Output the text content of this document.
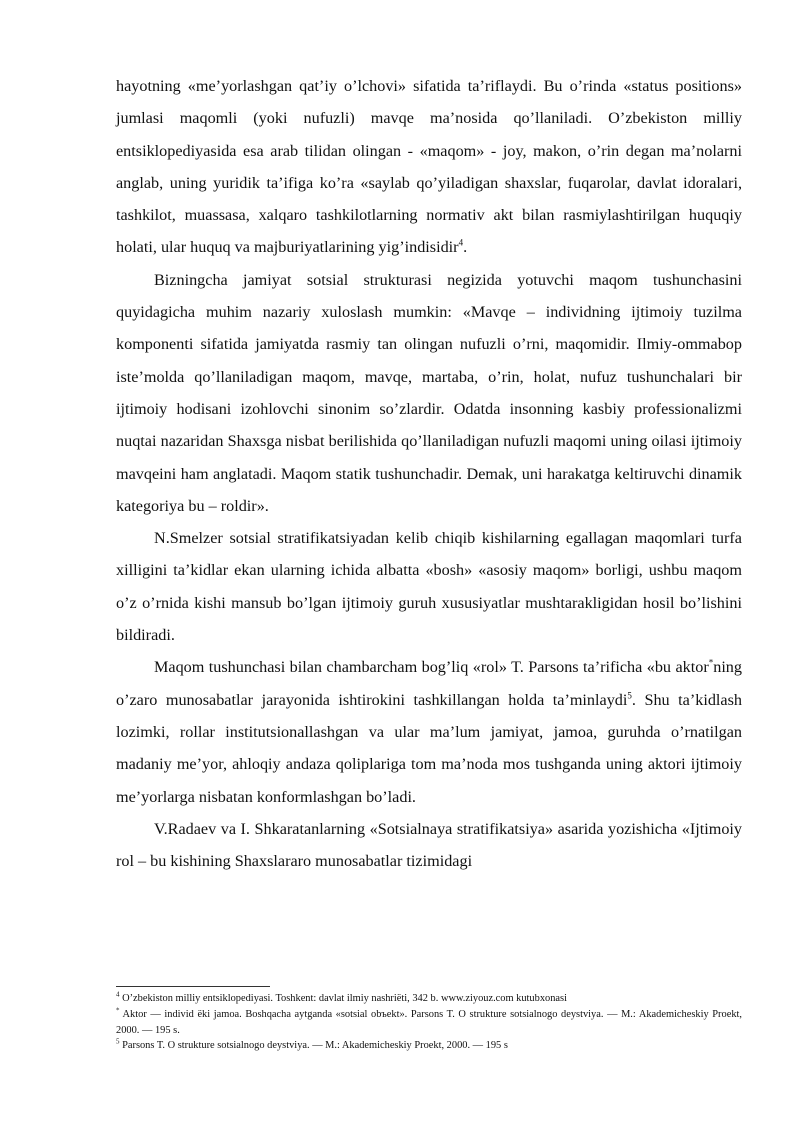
hayotning «me’yorlashgan qat’iy o’lchovi» sifatida ta’riflaydi. Bu o’rinda «status positions» jumlasi maqomli (yoki nufuzli) mavqe ma’nosida qo’llaniladi. O’zbekiston milliy entsiklopediyasida esa arab tilidan olingan - «maqom» - joy, makon, o’rin degan ma’nolarni anglab, uning yuridik ta’ifiga ko’ra «saylab qo’yiladigan shaxslar, fuqarolar, davlat idoralari, tashkilot, muassasa, xalqaro tashkilotlarning normativ akt bilan rasmiylashtirilgan huquqiy holati, ular huquq va majburiyatlarining yig’indisidir$^4$.

Bizningcha jamiyat sotsial strukturasi negizida yotuvchi maqom tushunchasini quyidagicha muhim nazariy xuloslash mumkin: «Mavqe – individning ijtimoiy tuzilma komponenti sifatida jamiyatda rasmiy tan olingan nufuzli o’rni, maqomidir. Ilmiy-ommabop iste’molda qo’llaniladigan maqom, mavqe, martaba, o’rin, holat, nufuz tushunchalari bir ijtimoiy hodisani izohlovchi sinonim so’zlardir. Odatda insonning kasbiy professionalizmi nuqtai nazaridan Shaxsga nisbat berilishida qo’llaniladigan nufuzli maqomi uning oilasi ijtimoiy mavqeini ham anglatadi. Maqom statik tushunchadir. Demak, uni harakatga keltiruvchi dinamik kategoriya bu – roldir».

N.Smelzer sotsial stratifikatsiyadan kelib chiqib kishilarning egallagan maqomlari turfa xilligini ta’kidlar ekan ularning ichida albatta «bosh» «asosiy maqom» borligi, ushbu maqom o’z o’rnida kishi mansub bo’lgan ijtimoiy guruh xususiyatlar mushtarakligidan hosil bo’lishini bildiradi.

Maqom tushunchasi bilan chambarcham bog’liq «rol» T. Parsons ta’rificha «bu aktor*ning o’zaro munosabatlar jarayonida ishtirokini tashkillangan holda ta’minlaydi$^5$. Shu ta’kidlash lozimki, rollar institutsionallashgan va ular ma’lum jamiyat, jamoa, guruhda o’rnatilgan madaniy me’yor, ahloqiy andaza qoliplariga tom ma’noda mos tushganda uning aktori ijtimoiy me’yorlarga nisbatan konformlashgan bo’ladi.

V.Radaev va I. Shkaratanlarning «Sotsialnaya stratifikatsiya» asarida yozishicha «Ijtimoiy rol – bu kishining Shaxslararo munosabatlar tizimidagi

$^4$ O’zbekiston milliy entsiklopediyasi. Toshkent: davlat ilmiy nashriëti, 342 b. www.ziyouz.com kutubxonasi

* Aktor — individ ëki jamoa. Boshqacha aytganda «sotsial obъekt». Parsons T. O strukture sotsialnogo deystviya. — M.: Akademicheskiy Proekt, 2000. — 195 s.

$^5$ Parsons T. O strukture sotsialnogo deystviya. — M.: Akademicheskiy Proekt, 2000. — 195 s
